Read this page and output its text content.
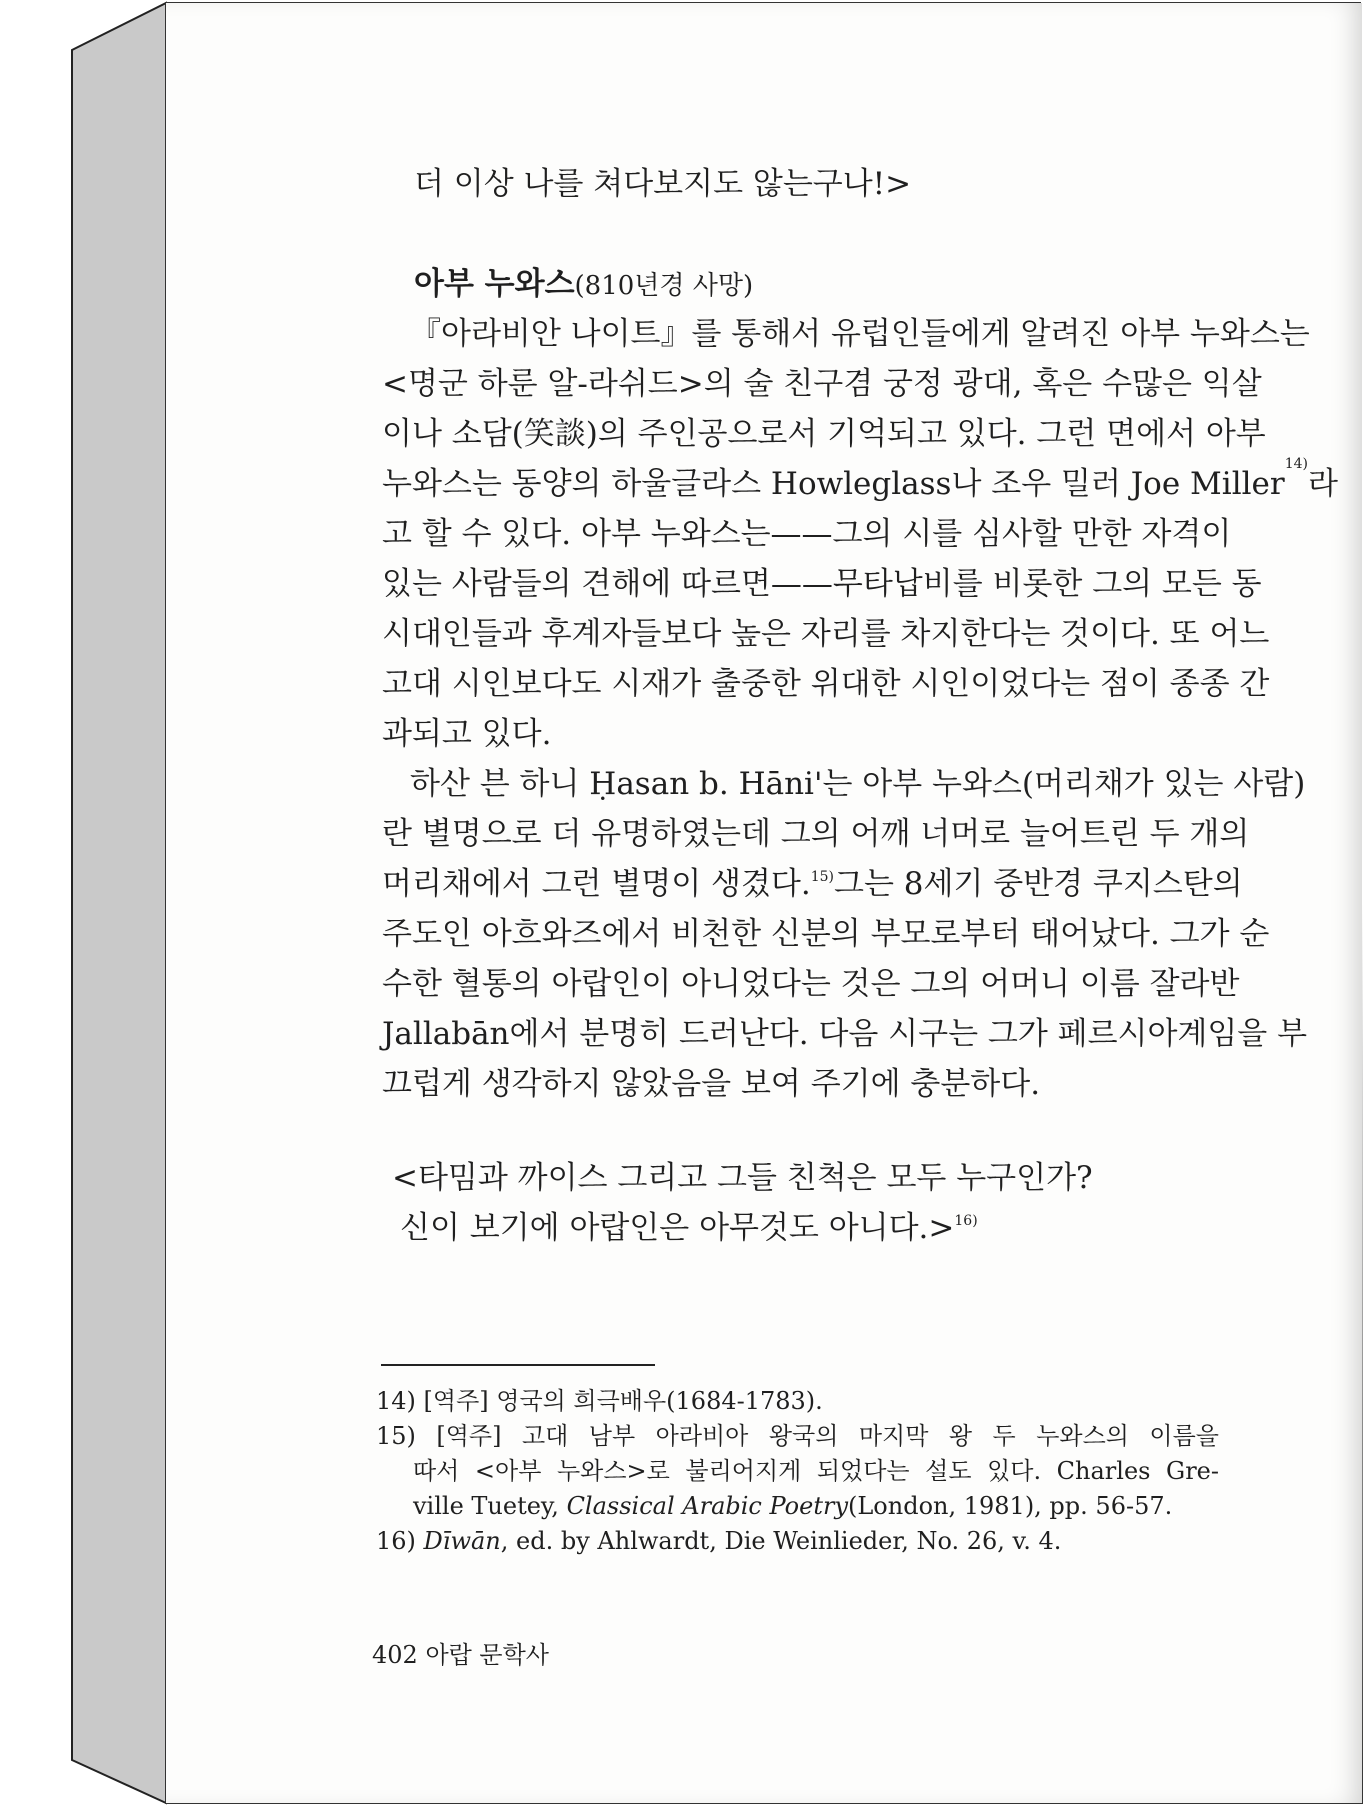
더 이상 나를 쳐다보지도 않는구나!>
아부 누와스(810년경 사망)
『아라비안 나이트』를 통해서 유럽인들에게 알려진 아부 누와스는
<명군 하룬 알-라쉬드>의 술 친구겸 궁정 광대, 혹은 수많은 익살
이나 소담(笑談)의 주인공으로서 기억되고 있다. 그런 면에서 아부
누와스는 동양의 하울글라스 Howleglass나 조우 밀러 Joe Miller
14)
라
고 할 수 있다. 아부 누와스는——그의 시를 심사할 만한 자격이
있는 사람들의 견해에 따르면——무타납비를 비롯한 그의 모든 동
시대인들과 후계자들보다 높은 자리를 차지한다는 것이다. 또 어느
고대 시인보다도 시재가 출중한 위대한 시인이었다는 점이 종종 간
과되고 있다.
하산 븐 하니 Ḥasan b. Hāni'는 아부 누와스(머리채가 있는 사람)
란 별명으로 더 유명하였는데 그의 어깨 너머로 늘어트린 두 개의
머리채에서 그런 별명이 생겼다.$^{15)}$ 그는 8세기 중반경 쿠지스탄의
주도인 아흐와즈에서 비천한 신분의 부모로부터 태어났다. 그가 순
수한 혈통의 아랍인이 아니었다는 것은 그의 어머니 이름 잘라반
Jallabān에서 분명히 드러난다. 다음 시구는 그가 페르시아계임을 부
끄럽게 생각하지 않았음을 보여 주기에 충분하다.
<타밈과 까이스 그리고 그들 친척은 모두 누구인가?
신이 보기에 아랍인은 아무것도 아니다.>$^{16)}$
14) [역주] 영국의 희극배우(1684-1783).
15) [역주] 고대 남부 아라비아 왕국의 마지막 왕 두 누와스의 이름을
따서 <아부 누와스>로 불리어지게 되었다는 설도 있다. Charles Gre-
ville Tuetey, Classical Arabic Poetry(London, 1981), pp. 56-57.
16) Dīwān, ed. by Ahlwardt, Die Weinlieder, No. 26, v. 4.
402 아랍 문학사
